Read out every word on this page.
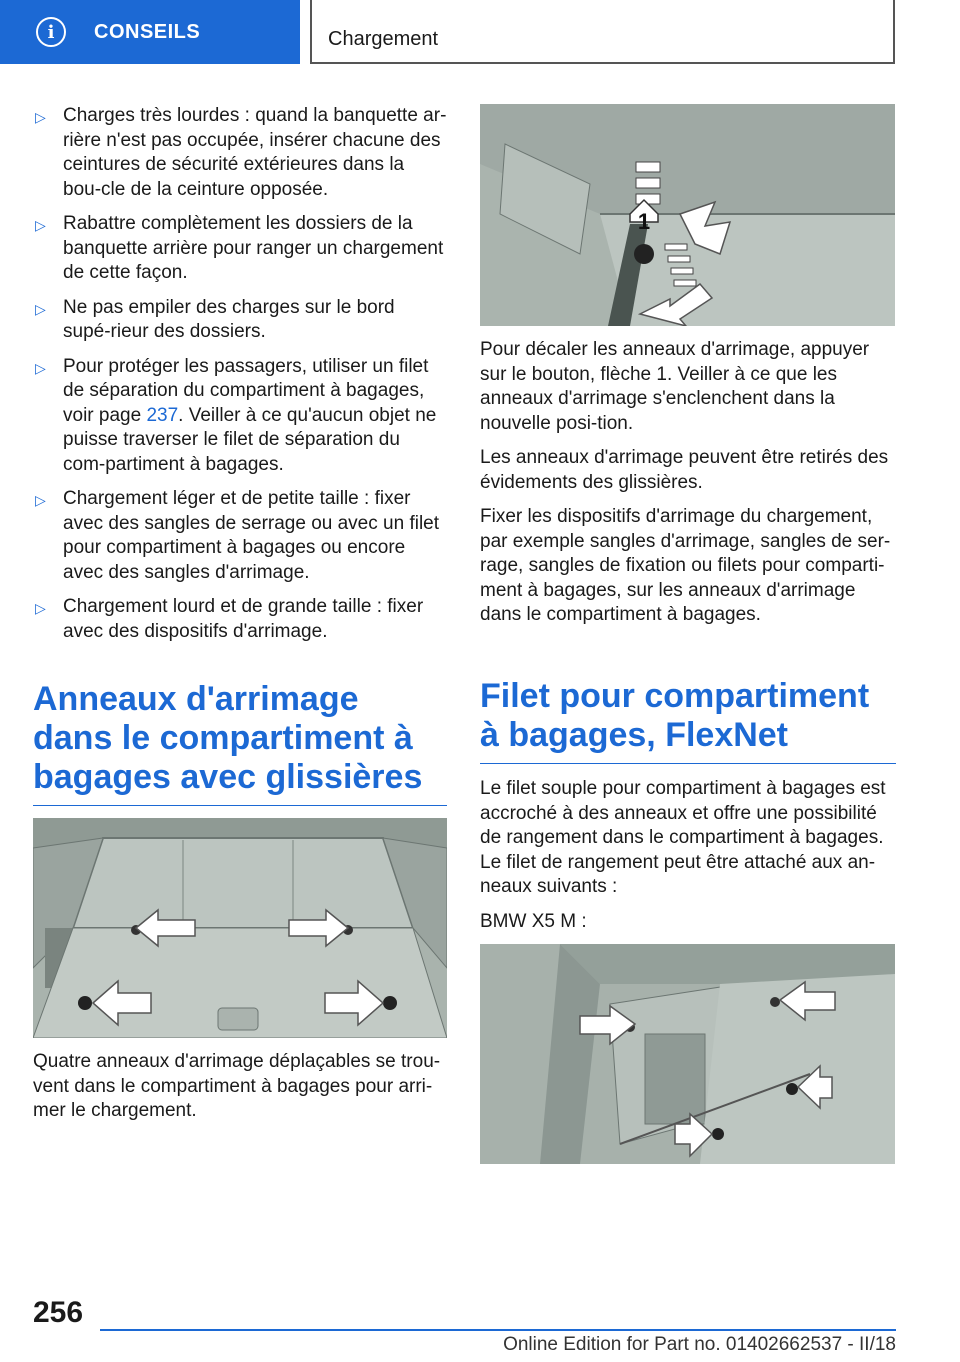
i CONSEILS	Chargement
▷ Charges très lourdes : quand la banquette ar-rière n'est pas occupée, insérer chacune des ceintures de sécurité extérieures dans la bou-cle de la ceinture opposée.
▷ Rabattre complètement les dossiers de la banquette arrière pour ranger un chargement de cette façon.
▷ Ne pas empiler des charges sur le bord supé-rieur des dossiers.
▷ Pour protéger les passagers, utiliser un filet de séparation du compartiment à bagages, voir page 237. Veiller à ce qu'aucun objet ne puisse traverser le filet de séparation du com-partiment à bagages.
▷ Chargement léger et de petite taille : fixer avec des sangles de serrage ou avec un filet pour compartiment à bagages ou encore avec des sangles d'arrimage.
▷ Chargement lourd et de grande taille : fixer avec des dispositifs d'arrimage.
Anneaux d'arrimage dans le compartiment à bagages avec glissières

Quatre anneaux d'arrimage déplaçables se trou-vent dans le compartiment à bagages pour arri-mer le chargement.

1

Pour décaler les anneaux d'arrimage, appuyer sur le bouton, flèche 1. Veiller à ce que les anneaux d'arrimage s'enclenchent dans la nouvelle posi-tion.

Les anneaux d'arrimage peuvent être retirés des évidements des glissières.

Fixer les dispositifs d'arrimage du chargement, par exemple sangles d'arrimage, sangles de ser-rage, sangles de fixation ou filets pour comparti-ment à bagages, sur les anneaux d'arrimage dans le compartiment à bagages.

Filet pour compartiment à bagages, FlexNet

Le filet souple pour compartiment à bagages est accroché à des anneaux et offre une possibilité de rangement dans le compartiment à bagages. Le filet de rangement peut être attaché aux an-neaux suivants :

BMW X5 M :

256
Online Edition for Part no. 01402662537 - II/18
